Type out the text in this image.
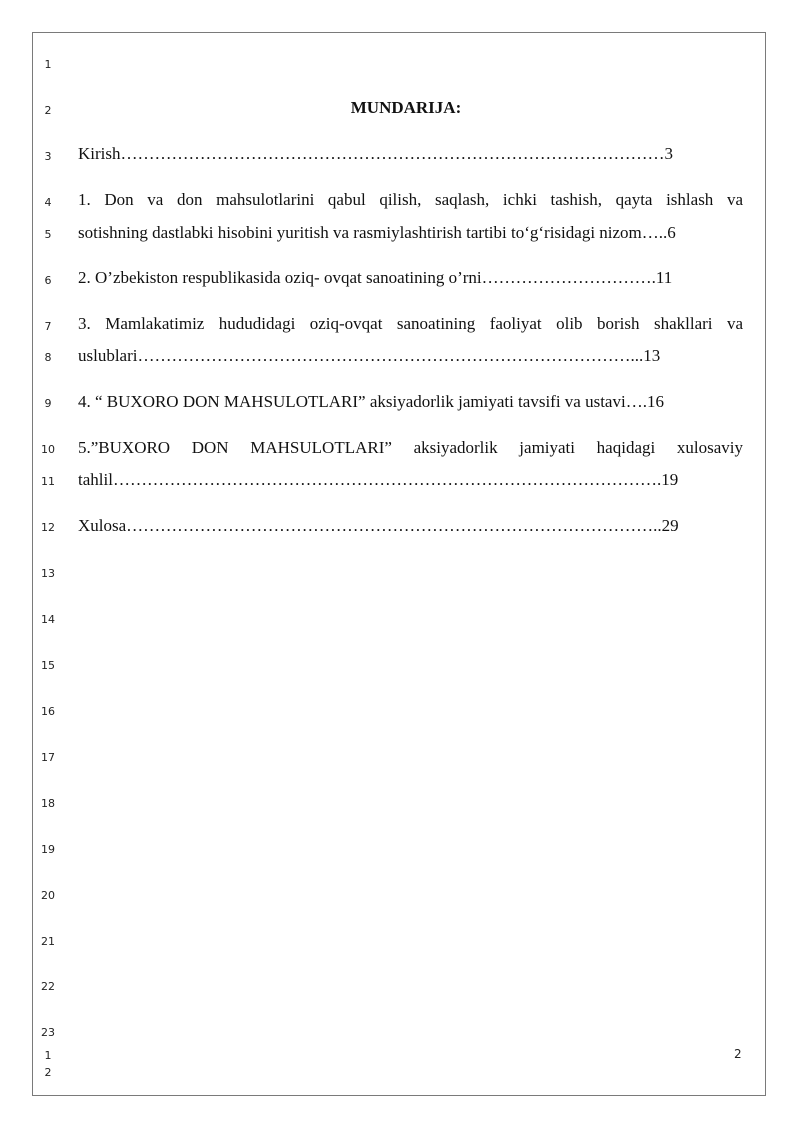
1
2
3
4
5
6
7
8
9
10
11
12
13
14
15
16
17
18
19
20
21
22
23
1
2
MUNDARIJA:
Kirish……………………………………………………………………………………3
1. Don va don mahsulotlarini qabul qilish, saqlash, ichki tashish, qayta ishlash va
sotishning dastlabki hisobini yuritish va rasmiylashtirish tartibi to‘g‘risidagi nizom…..6
2. O’zbekiston respublikasida oziq- ovqat sanoatining o’rni………………………….11
3. Mamlakatimiz hududidagi oziq-ovqat sanoatining faoliyat olib borish shakllari va
uslublari……………………………………………………………………………...13
4. “ BUXORO DON MAHSULOTLARI” aksiyadorlik jamiyati tavsifi va ustavi….16
5.”BUXORO DON MAHSULOTLARI” aksiyadorlik jamiyati haqidagi xulosaviy
tahlil…………………………………………………………………………………….19
Xulosa…………………………………………………………………………………..29
2
